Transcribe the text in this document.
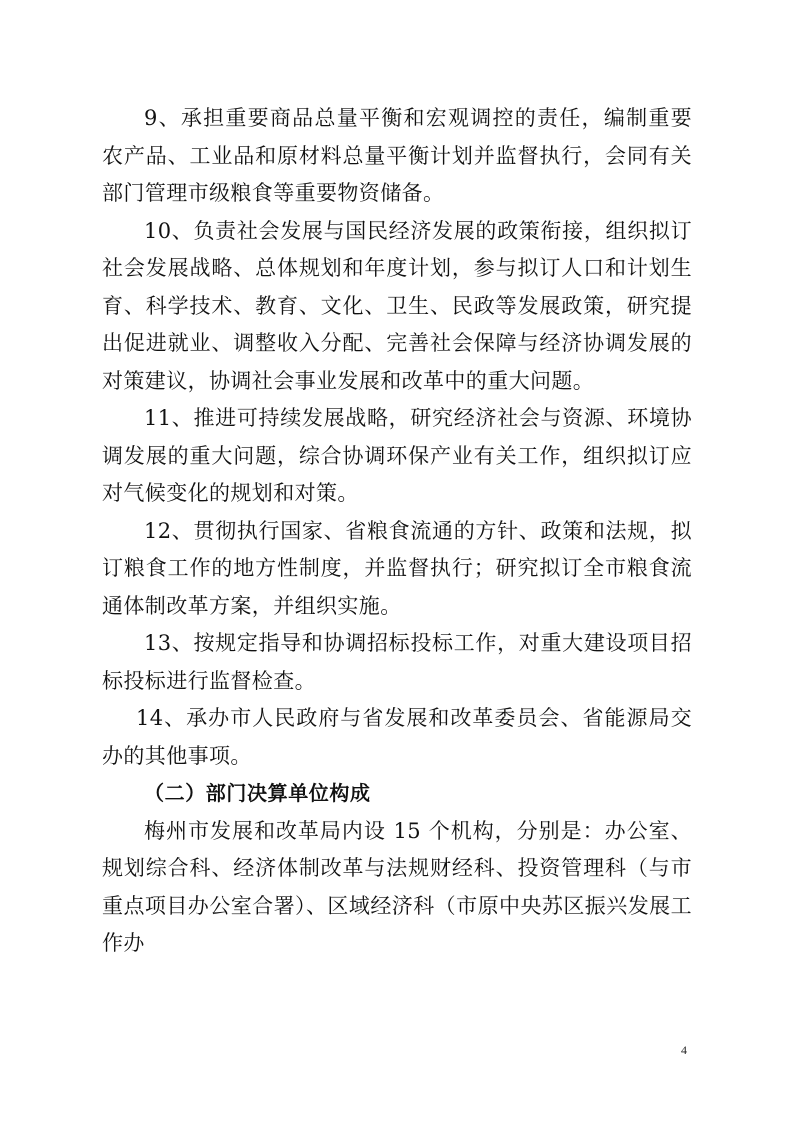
9、承担重要商品总量平衡和宏观调控的责任，编制重要农产品、工业品和原材料总量平衡计划并监督执行，会同有关部门管理市级粮食等重要物资储备。

10、负责社会发展与国民经济发展的政策衔接，组织拟订社会发展战略、总体规划和年度计划，参与拟订人口和计划生育、科学技术、教育、文化、卫生、民政等发展政策，研究提出促进就业、调整收入分配、完善社会保障与经济协调发展的对策建议，协调社会事业发展和改革中的重大问题。

11、推进可持续发展战略，研究经济社会与资源、环境协调发展的重大问题，综合协调环保产业有关工作，组织拟订应对气候变化的规划和对策。

12、贯彻执行国家、省粮食流通的方针、政策和法规，拟订粮食工作的地方性制度，并监督执行；研究拟订全市粮食流通体制改革方案，并组织实施。

13、按规定指导和协调招标投标工作，对重大建设项目招标投标进行监督检查。

14、承办市人民政府与省发展和改革委员会、省能源局交办的其他事项。

（二）部门决算单位构成

梅州市发展和改革局内设 15 个机构，分别是：办公室、规划综合科、经济体制改革与法规财经科、投资管理科（与市重点项目办公室合署）、区域经济科（市原中央苏区振兴发展工作办

4
